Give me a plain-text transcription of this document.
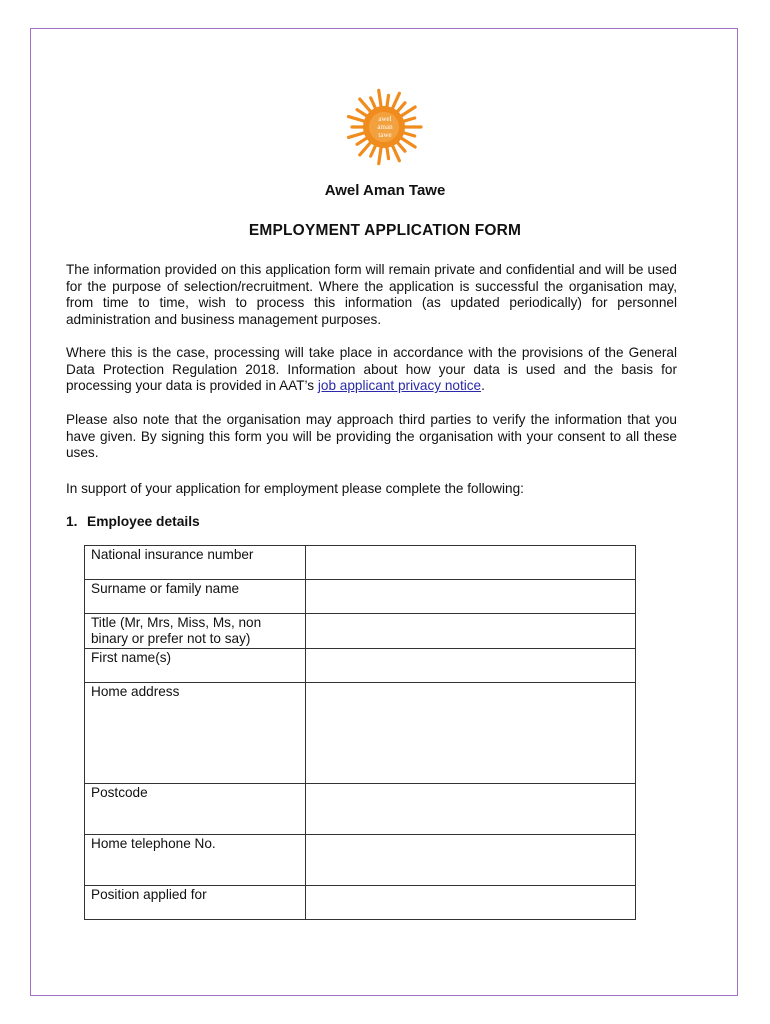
awel
aman
tawe
Awel Aman Tawe
EMPLOYMENT APPLICATION FORM

The information provided on this application form will remain private and confidential and will be used for the purpose of selection/recruitment. Where the application is successful the organisation may, from time to time, wish to process this information (as updated periodically) for personnel administration and business management purposes.

Where this is the case, processing will take place in accordance with the provisions of the General Data Protection Regulation 2018. Information about how your data is used and the basis for processing your data is provided in AAT’s job applicant privacy notice.

Please also note that the organisation may approach third parties to verify the information that you have given. By signing this form you will be providing the organisation with your consent to all these uses.

In support of your application for employment please complete the following:

1. Employee details
National insurance number	
Surname or family name	
Title (Mr, Mrs, Miss, Ms, non binary or prefer not to say)	
First name(s)	
Home address	
Postcode	
Home telephone No.	
Position applied for	
